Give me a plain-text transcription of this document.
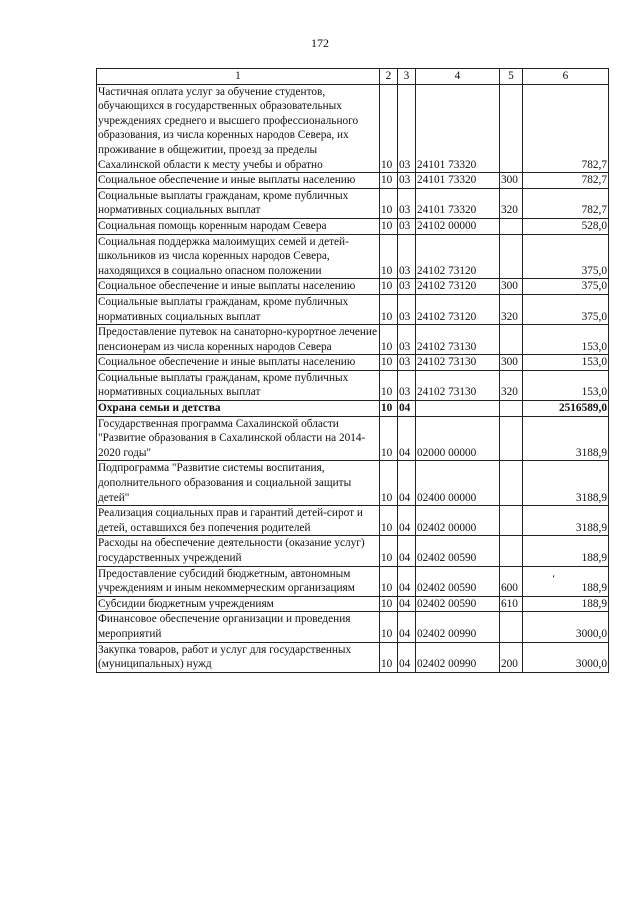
172
1	2	3	4	5	6
Частичная оплата услуг за обучение студентов, обучающихся в государственных образовательных учреждениях среднего и высшего профессионального образования, из числа коренных народов Севера, их проживание в общежитии, проезд за пределы Сахалинской области к месту учебы и обратно	10	03	24101 73320		782,7
Социальное обеспечение и иные выплаты населению	10	03	24101 73320	300	782,7
Социальные выплаты гражданам, кроме публичных нормативных социальных выплат	10	03	24101 73320	320	782,7
Социальная помощь коренным народам Севера	10	03	24102 00000		528,0
Социальная поддержка малоимущих семей и детей-школьников из числа коренных народов Севера, находящихся в социально опасном положении	10	03	24102 73120		375,0
Социальное обеспечение и иные выплаты населению	10	03	24102 73120	300	375,0
Социальные выплаты гражданам, кроме публичных нормативных социальных выплат	10	03	24102 73120	320	375,0
Предоставление путевок на санаторно-курортное лечение пенсионерам из числа коренных народов Севера	10	03	24102 73130		153,0
Социальное обеспечение и иные выплаты населению	10	03	24102 73130	300	153,0
Социальные выплаты гражданам, кроме публичных нормативных социальных выплат	10	03	24102 73130	320	153,0
Охрана семьи и детства	10	04			2516589,0
Государственная программа Сахалинской области "Развитие образования в Сахалинской области на 2014-2020 годы"	10	04	02000 00000		3188,9
Подпрограмма "Развитие системы воспитания, дополнительного образования и социальной защиты детей"	10	04	02400 00000		3188,9
Реализация социальных прав и гарантий детей-сирот и детей, оставшихся без попечения родителей	10	04	02402 00000		3188,9
Расходы на обеспечение деятельности (оказание услуг) государственных учреждений	10	04	02402 00590		188,9
Предоставление субсидий бюджетным, автономным учреждениям и иным некоммерческим организациям	10	04	02402 00590	600	188,9
Субсидии бюджетным учреждениям	10	04	02402 00590	610	188,9
Финансовое обеспечение организации и проведения мероприятий	10	04	02402 00990		3000,0
Закупка товаров, работ и услуг для государственных (муниципальных) нужд	10	04	02402 00990	200	3000,0
ʻ
